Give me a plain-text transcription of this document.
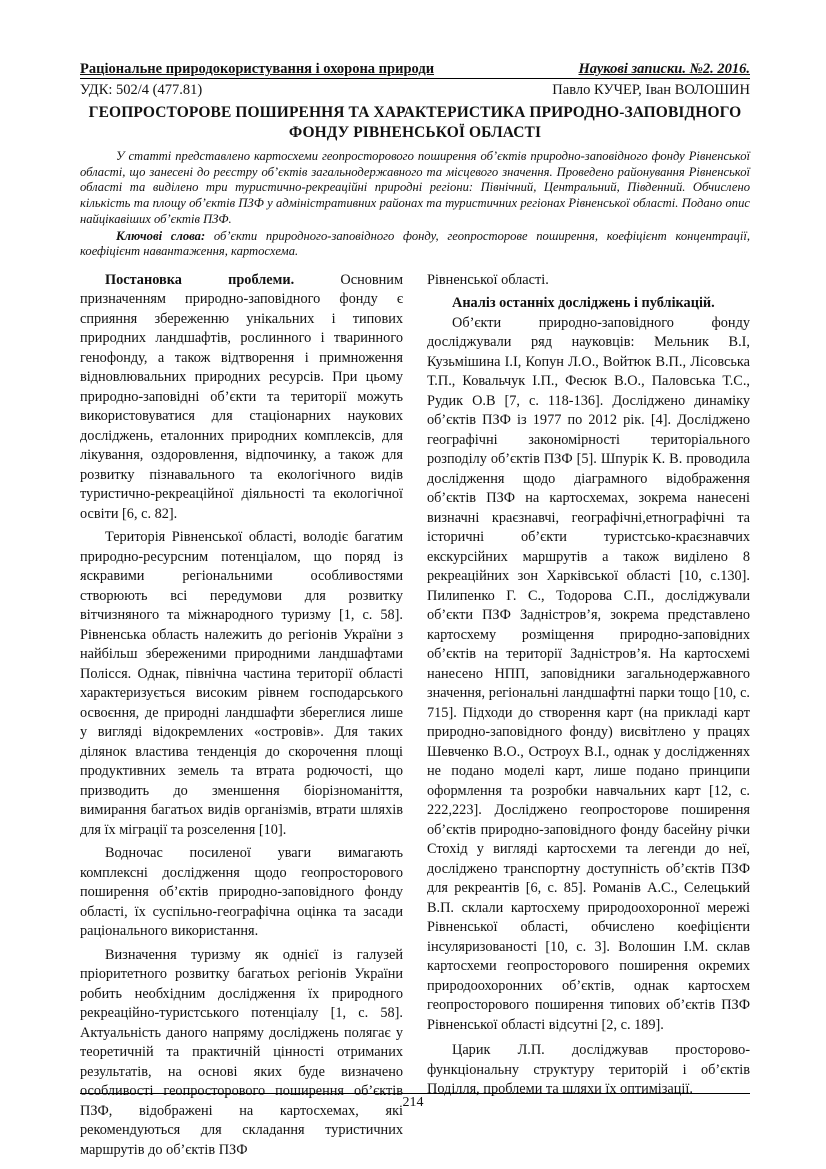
Раціональне природокористування і охорона природи	Наукові записки. №2. 2016.
УДК: 502/4 (477.81)	Павло КУЧЕР, Іван ВОЛОШИН
ГЕОПРОСТОРОВЕ ПОШИРЕННЯ ТА ХАРАКТЕРИСТИКА ПРИРОДНО-ЗАПОВІДНОГО ФОНДУ РІВНЕНСЬКОЇ ОБЛАСТІ
У статті представлено картосхеми геопросторового поширення об’єктів природно-заповідного фонду Рівненської області, що занесені до реєстру об’єктів загальнодержавного та місцевого значення. Проведено районування Рівненської області та виділено три туристично-рекреаційні природні регіони: Північний, Центральний, Південний. Обчислено кількість та площу об’єктів ПЗФ у адміністративних районах та туристичних регіонах Рівненської області. Подано опис найцікавіших об’єктів ПЗФ.
Ключові слова: об’єкти природного-заповідного фонду, геопросторове поширення, коефіцієнт концентрації, коефіцієнт навантаження, картосхема.

Постановка проблеми.	Основним призначенням природно-заповідного фонду є сприяння збереженню унікальних і типових природних ландшафтів, рослинного і тваринного генофонду, а також відтворення і примноження відновлювальних природних ресурсів. При цьому природно-заповідні об’єкти та території можуть використовуватися для стаціонарних наукових досліджень, еталонних природних комплексів, для лікування, оздоровлення, відпочинку, а також для розвитку пізнавального та екологічного видів туристично-рекреаційної діяльності та екологічної освіти [6, с. 82].

Територія Рівненської області, володіє багатим природно-ресурсним потенціалом, що поряд із яскравими регіональними особливостями створюють всі передумови для розвитку вітчизняного та міжнародного туризму [1, с. 58]. Рівненська область належить до регіонів України з найбільш збереженими природними ландшафтами Полісся. Однак, північна частина території області характеризується високим рівнем господарського освоєння, де природні ландшафти збереглися лише у вигляді відокремлених «островів». Для таких ділянок властива тенденція до скорочення площі продуктивних земель та втрата родючості, що призводить до зменшення біорізноманіття, вимирання багатьох видів організмів, втрати шляхів для їх міграції та розселення [10].

Водночас посиленої уваги вимагають комплексні дослідження щодо геопросторового поширення об’єктів природно-заповідного фонду області, їх суспільно-географічна оцінка та засади раціонального використання.

Визначення туризму як однієї із галузей пріоритетного розвитку багатьох регіонів України робить необхідним дослідження їх природного рекреаційно-туристського потенціалу [1, с. 58]. Актуальність даного напряму досліджень полягає у теоретичній та практичній цінності отриманих результатів, на основі яких буде визначено особливості геопросторового поширення об’єктів ПЗФ, відображені на картосхемах, які рекомендуються для складання туристичних маршрутів до об’єктів ПЗФ

Рівненської області.

Аналіз останніх досліджень і публікацій.

Об’єкти природно-заповідного фонду досліджували ряд науковців: Мельник В.І, Кузьмішина І.І, Копун Л.О., Войтюк В.П., Лісовська Т.П., Ковальчук І.П., Фесюк В.О., Паловська Т.С., Рудик О.В [7, с. 118-136]. Досліджено динаміку об’єктів ПЗФ із 1977 по 2012 рік. [4]. Досліджено географічні закономірності територіального розподілу об’єктів ПЗФ [5]. Шпурік К. В. проводила дослідження щодо діаграмного відображення об’єктів ПЗФ на картосхемах, зокрема нанесені визначні краєзнавчі, географічні,етнографічні та історичні об’єкти туристсько-краєзнавчих екскурсійних маршрутів а також виділено 8 рекреаційних зон Харківської області [10, с.130]. Пилипенко Г. С., Тодорова С.П., досліджували об’єкти ПЗФ Задністров’я, зокрема представлено картосхему розміщення природно-заповідних об’єктів на території Задністров’я. На картосхемі нанесено НПП, заповідники загальнодержавного значення, регіональні ландшафтні парки тощо [10, с. 715]. Підходи до створення карт (на прикладі карт природно-заповідного фонду) висвітлено у працях Шевченко В.О., Остроух В.І., однак у дослідженнях не подано моделі карт, лише подано принципи оформлення та розробки навчальних карт [12, с. 222,223]. Досліджено геопросторове поширення об’єктів природно-заповідного фонду басейну річки Стохід у вигляді картосхеми та легенди до неї, досліджено транспортну доступність об’єктів ПЗФ для рекреантів [6, с. 85]. Романів А.С., Селецький В.П. склали картосхему природоохоронної мережі Рівненської області, обчислено коефіцієнти інсуляризованості [10, с. 3]. Волошин І.М. склав картосхеми геопросторового поширення окремих природоохоронних об’єктів, однак картосхем геопросторового поширення типових об’єктів ПЗФ Рівненської області відсутні [2, с. 189].

Царик Л.П. досліджував просторово-функціональну структуру територій і об’єктів Поділля, проблеми та шляхи їх оптимізації.

214
